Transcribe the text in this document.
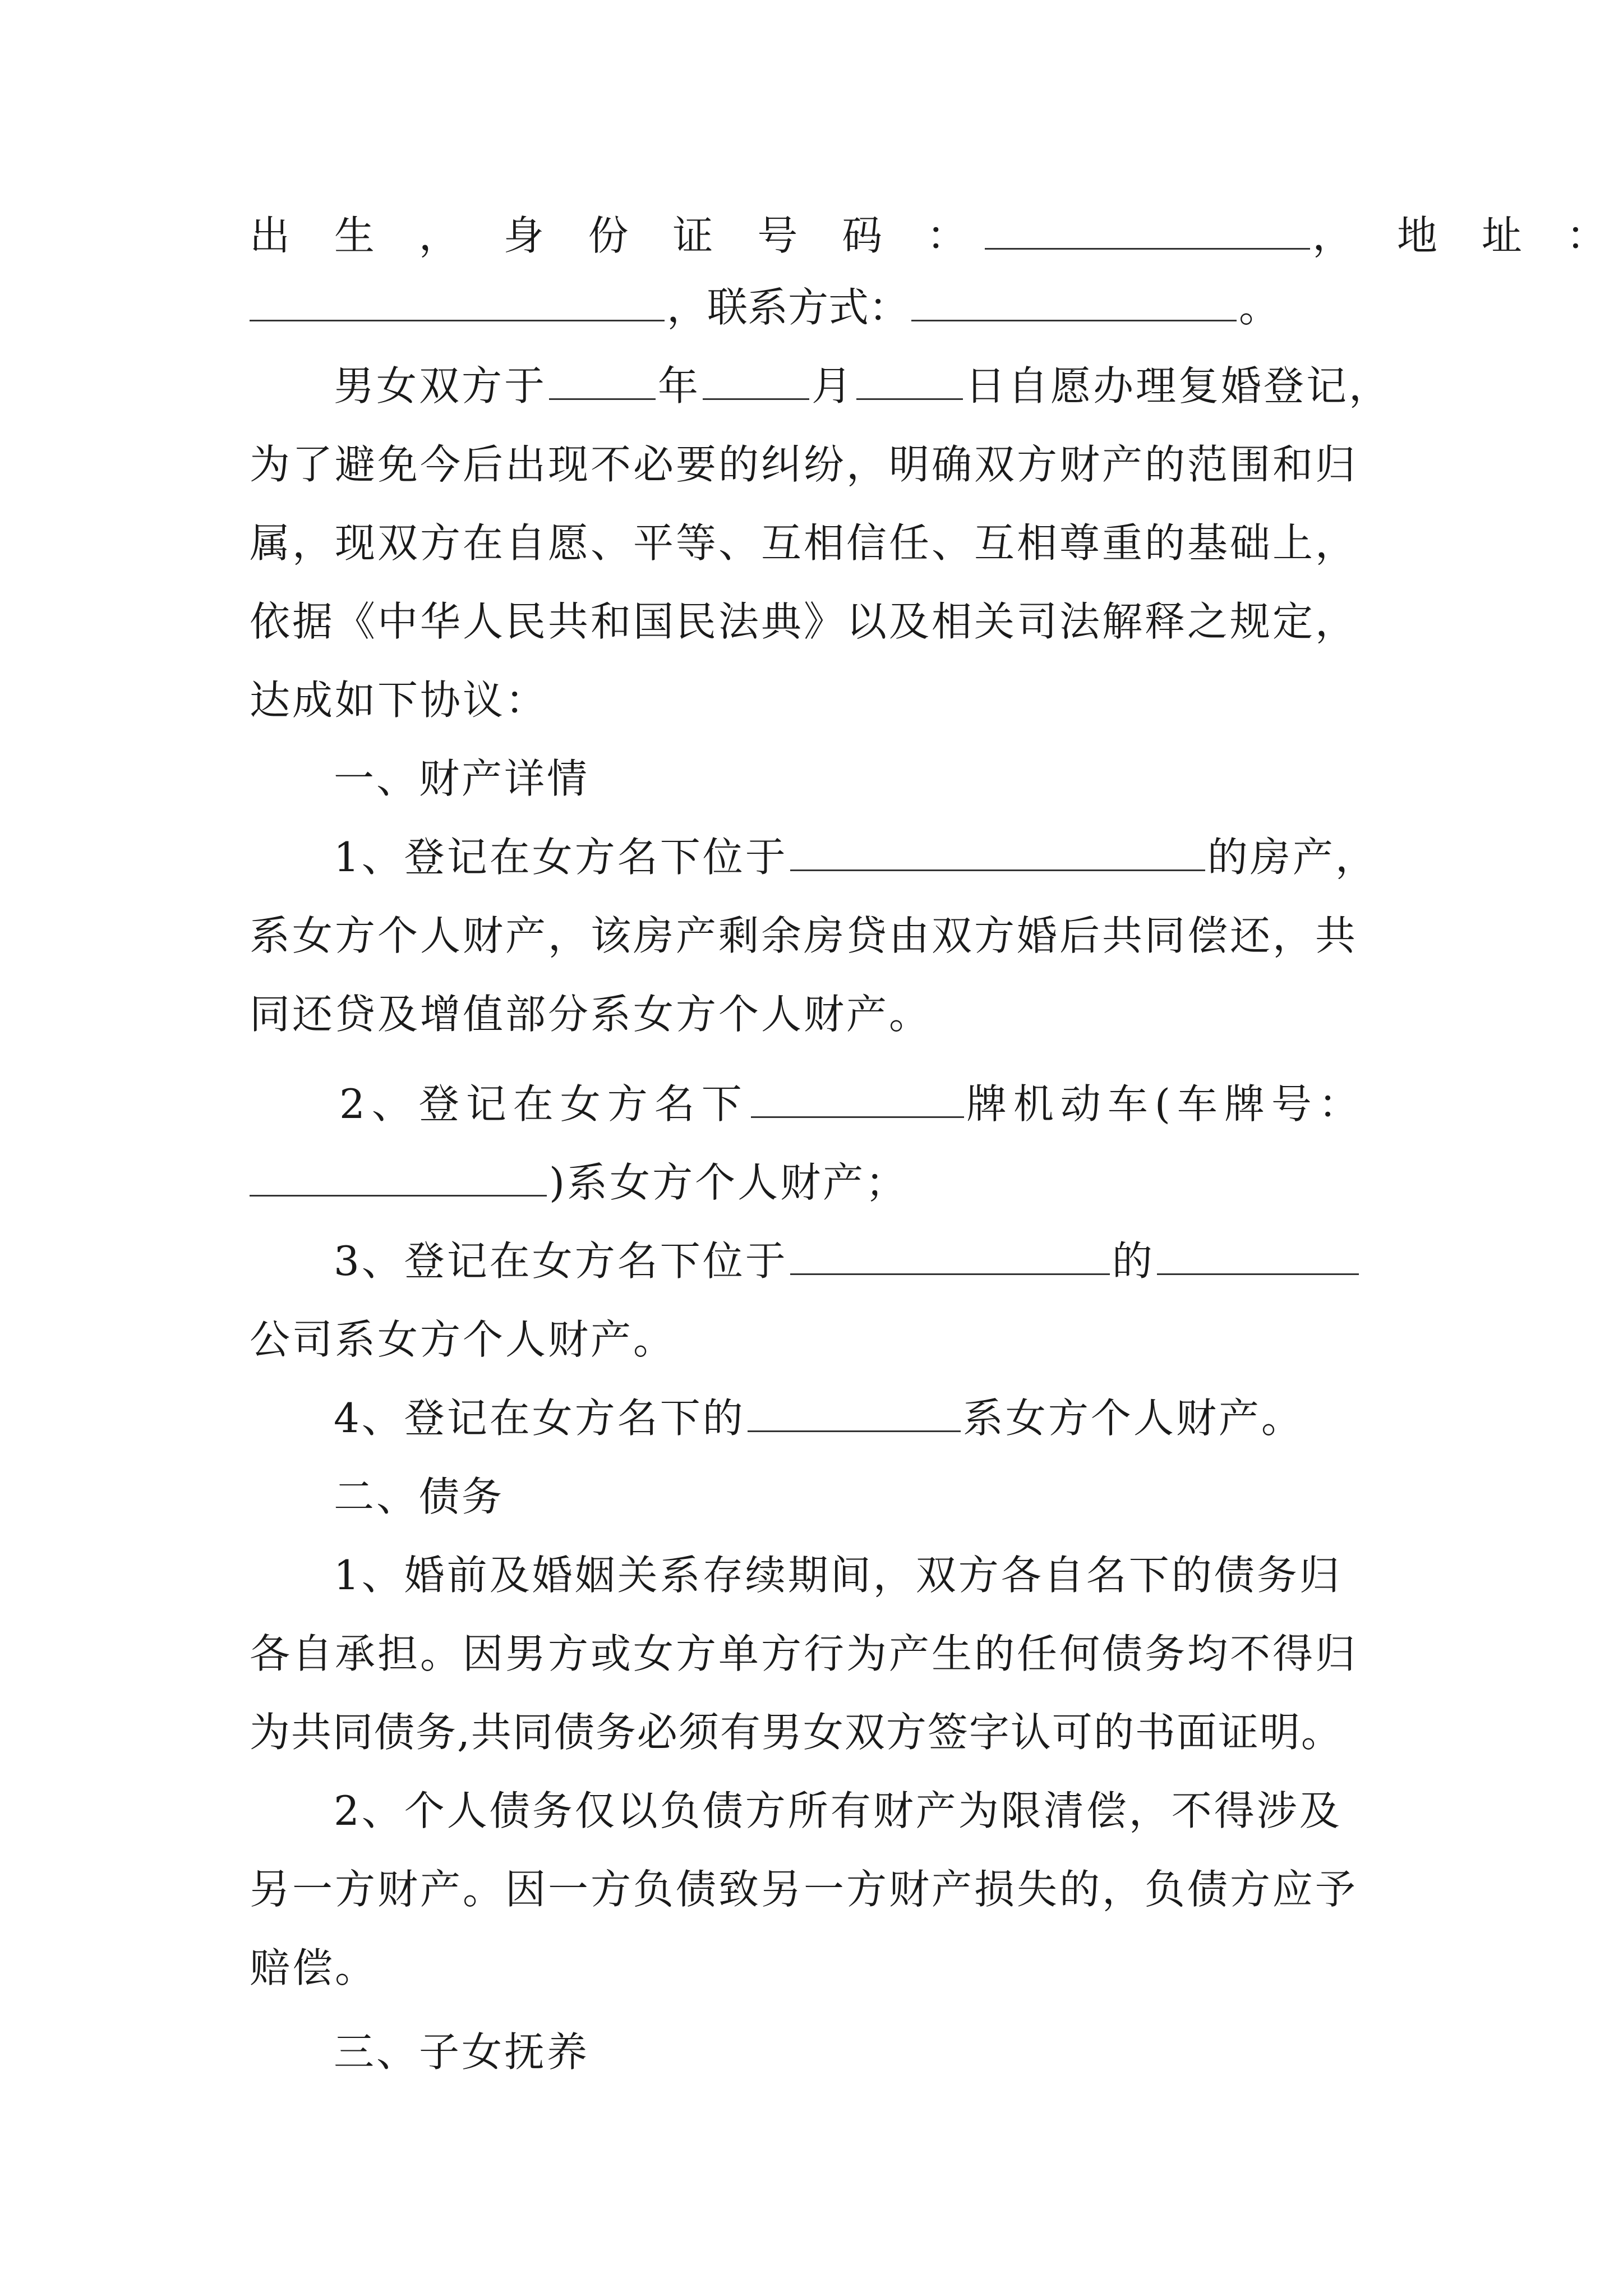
出 生 ， 身 份 证 号 码 ：	， 地 址 ：
，联系方式：	。
男女双方于	年	月	日自愿办理复婚登记，
为了避免今后出现不必要的纠纷，明确双方财产的范围和归
属，现双方在自愿、平等、互相信任、互相尊重的基础上，
依据《中华人民共和国民法典》以及相关司法解释之规定，
达成如下协议：
一、财产详情
1、登记在女方名下位于	的房产，
系女方个人财产，该房产剩余房贷由双方婚后共同偿还，共
同还贷及增值部分系女方个人财产。
2、登记在女方名下	牌机动车(车牌号：
)系女方个人财产；
3、登记在女方名下位于	的
公司系女方个人财产。
4、登记在女方名下的	系女方个人财产。
二、债务
1、婚前及婚姻关系存续期间，双方各自名下的债务归
各自承担。因男方或女方单方行为产生的任何债务均不得归
为共同债务,共同债务必须有男女双方签字认可的书面证明。
2、个人债务仅以负债方所有财产为限清偿，不得涉及
另一方财产。因一方负债致另一方财产损失的，负债方应予
赔偿。
三、子女抚养
